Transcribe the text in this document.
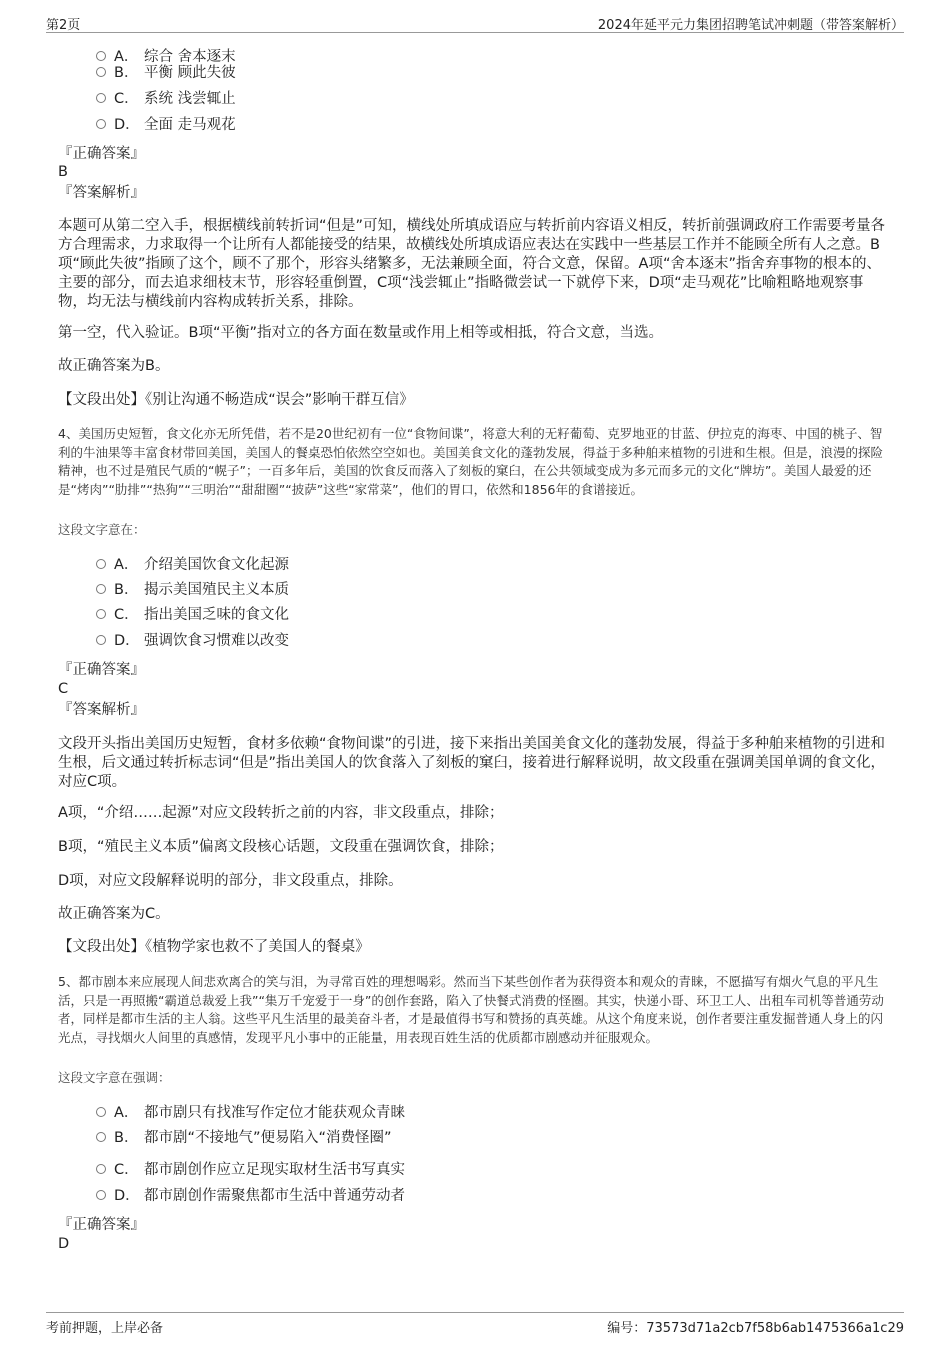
第2页	2024年延平元力集团招聘笔试冲刺题（带答案解析）
A． 综合 舍本逐末
B． 平衡 顾此失彼
C． 系统 浅尝辄止
D． 全面 走马观花
『正确答案』
B
『答案解析』
本题可从第二空入手，根据横线前转折词“但是”可知，横线处所填成语应与转折前内容语义相反，转折前强调政府工作需要考量各方合理需求，力求取得一个让所有人都能接受的结果，故横线处所填成语应表达在实践中一些基层工作并不能顾全所有人之意。B项“顾此失彼”指顾了这个，顾不了那个，形容头绪繁多，无法兼顾全面，符合文意，保留。A项“舍本逐末”指舍弃事物的根本的、主要的部分，而去追求细枝末节，形容轻重倒置，C项“浅尝辄止”指略微尝试一下就停下来，D项“走马观花”比喻粗略地观察事物，均无法与横线前内容构成转折关系，排除。
第一空，代入验证。B项“平衡”指对立的各方面在数量或作用上相等或相抵，符合文意，当选。
故正确答案为B。
【文段出处】《别让沟通不畅造成“误会”影响干群互信》
4、美国历史短暂，食文化亦无所凭借，若不是20世纪初有一位“食物间谍”，将意大利的无籽葡萄、克罗地亚的甘蓝、伊拉克的海枣、中国的桃子、智利的牛油果等丰富食材带回美国，美国人的餐桌恐怕依然空空如也。美国美食文化的蓬勃发展，得益于多种舶来植物的引进和生根。但是，浪漫的探险精神，也不过是殖民气质的“幌子”；一百多年后，美国的饮食反而落入了刻板的窠臼，在公共领域变成为多元而多元的文化“牌坊”。美国人最爱的还是“烤肉”“肋排”“热狗”“三明治”“甜甜圈”“披萨”这些“家常菜”，他们的胃口，依然和1856年的食谱接近。
这段文字意在：
A． 介绍美国饮食文化起源
B． 揭示美国殖民主义本质
C． 指出美国乏味的食文化
D． 强调饮食习惯难以改变
『正确答案』
C
『答案解析』
文段开头指出美国历史短暂，食材多依赖“食物间谍”的引进，接下来指出美国美食文化的蓬勃发展，得益于多种舶来植物的引进和生根，后文通过转折标志词“但是”指出美国人的饮食落入了刻板的窠臼，接着进行解释说明，故文段重在强调美国单调的食文化，对应C项。
A项，“介绍……起源”对应文段转折之前的内容，非文段重点，排除；
B项，“殖民主义本质”偏离文段核心话题，文段重在强调饮食，排除；
D项，对应文段解释说明的部分，非文段重点，排除。
故正确答案为C。
【文段出处】《植物学家也救不了美国人的餐桌》
5、都市剧本来应展现人间悲欢离合的笑与泪，为寻常百姓的理想喝彩。然而当下某些创作者为获得资本和观众的青睐，不愿描写有烟火气息的平凡生活，只是一再照搬“霸道总裁爱上我”“集万千宠爱于一身”的创作套路，陷入了快餐式消费的怪圈。其实，快递小哥、环卫工人、出租车司机等普通劳动者，同样是都市生活的主人翁。这些平凡生活里的最美奋斗者，才是最值得书写和赞扬的真英雄。从这个角度来说，创作者要注重发掘普通人身上的闪光点，寻找烟火人间里的真感情，发现平凡小事中的正能量，用表现百姓生活的优质都市剧感动并征服观众。
这段文字意在强调：
A． 都市剧只有找准写作定位才能获观众青睐
B． 都市剧“不接地气”便易陷入“消费怪圈”
C． 都市剧创作应立足现实取材生活书写真实
D． 都市剧创作需聚焦都市生活中普通劳动者
『正确答案』
D
考前押题，上岸必备	编号：73573d71a2cb7f58b6ab1475366a1c29
